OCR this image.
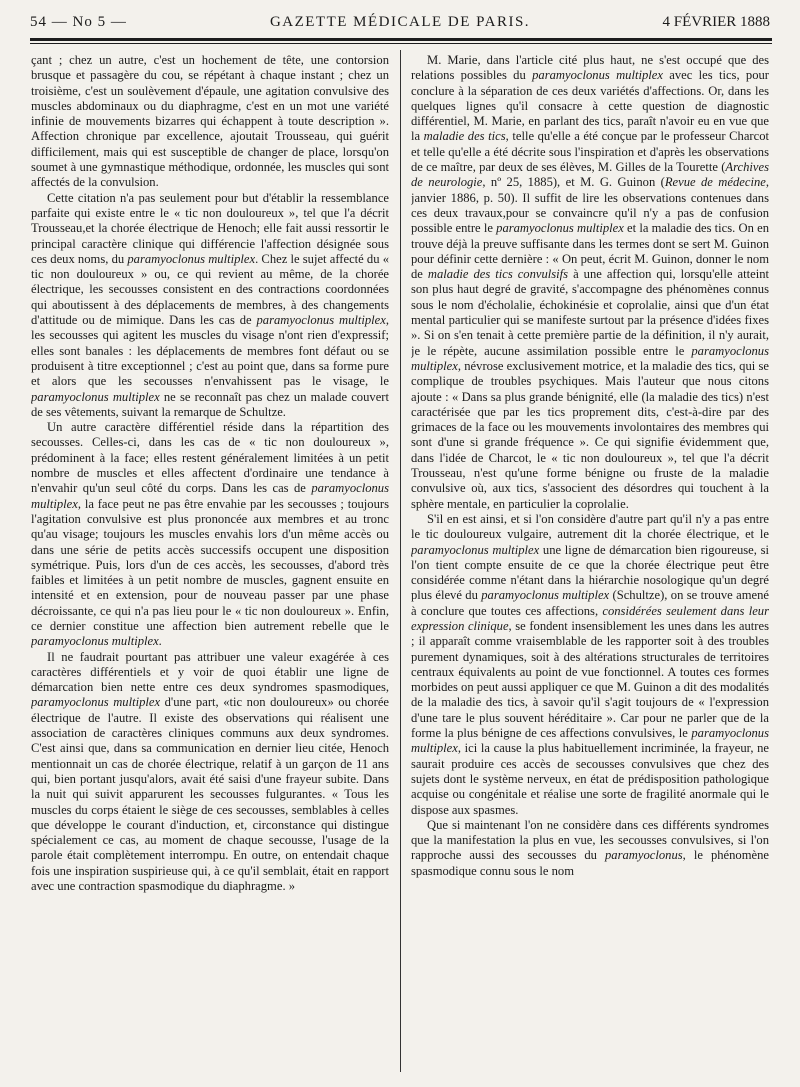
54 — No 5 —	GAZETTE MÉDICALE DE PARIS.	4 FÉVRIER 1888

çant ; chez un autre, c'est un hochement de tête, une contorsion brusque et passagère du cou, se répétant à chaque instant ; chez un troisième, c'est un soulèvement d'épaule, une agitation convulsive des muscles abdominaux ou du diaphragme, c'est en un mot une variété infinie de mouvements bizarres qui échappent à toute description ». Affection chronique par excellence, ajoutait Trousseau, qui guérit difficilement, mais qui est susceptible de changer de place, lorsqu'on soumet à une gymnastique méthodique, ordonnée, les muscles qui sont affectés de la convulsion.

Cette citation n'a pas seulement pour but d'établir la ressemblance parfaite qui existe entre le « tic non douloureux », tel que l'a décrit Trousseau,et la chorée électrique de Henoch; elle fait aussi ressortir le principal caractère clinique qui différencie l'affection désignée sous ces deux noms, du paramyoclonus multiplex. Chez le sujet affecté du « tic non douloureux » ou, ce qui revient au même, de la chorée électrique, les secousses consistent en des contractions coordonnées qui aboutissent à des déplacements de membres, à des changements d'attitude ou de mimique. Dans les cas de paramyoclonus multiplex, les secousses qui agitent les muscles du visage n'ont rien d'expressif; elles sont banales : les déplacements de membres font défaut ou se produisent à titre exceptionnel ; c'est au point que, dans sa forme pure et alors que les secousses n'envahissent pas le visage, le paramyoclonus multiplex ne se reconnaît pas chez un malade couvert de ses vêtements, suivant la remarque de Schultze.

Un autre caractère différentiel réside dans la répartition des secousses. Celles-ci, dans les cas de « tic non douloureux », prédominent à la face; elles restent généralement limitées à un petit nombre de muscles et elles affectent d'ordinaire une tendance à n'envahir qu'un seul côté du corps. Dans les cas de paramyoclonus multiplex, la face peut ne pas être envahie par les secousses ; toujours l'agitation convulsive est plus prononcée aux membres et au tronc qu'au visage; toujours les muscles envahis lors d'un même accès ou dans une série de petits accès successifs occupent une disposition symétrique. Puis, lors d'un de ces accès, les secousses, d'abord très faibles et limitées à un petit nombre de muscles, gagnent ensuite en intensité et en extension, pour de nouveau passer par une phase décroissante, ce qui n'a pas lieu pour le « tic non douloureux ». Enfin, ce dernier constitue une affection bien autrement rebelle que le paramyoclonus multiplex.

Il ne faudrait pourtant pas attribuer une valeur exagérée à ces caractères différentiels et y voir de quoi établir une ligne de démarcation bien nette entre ces deux syndromes spasmodiques, paramyoclonus multiplex d'une part, «tic non douloureux» ou chorée électrique de l'autre. Il existe des observations qui réalisent une association de caractères cliniques communs aux deux syndromes. C'est ainsi que, dans sa communication en dernier lieu citée, Henoch mentionnait un cas de chorée électrique, relatif à un garçon de 11 ans qui, bien portant jusqu'alors, avait été saisi d'une frayeur subite. Dans la nuit qui suivit apparurent les secousses fulgurantes. « Tous les muscles du corps étaient le siège de ces secousses, semblables à celles que développe le courant d'induction, et, circonstance qui distingue spécialement ce cas, au moment de chaque secousse, l'usage de la parole était complètement interrompu. En outre, on entendait chaque fois une inspiration suspirieuse qui, à ce qu'il semblait, était en rapport avec une contraction spasmodique du diaphragme. »

M. Marie, dans l'article cité plus haut, ne s'est occupé que des relations possibles du paramyoclonus multiplex avec les tics, pour conclure à la séparation de ces deux variétés d'affections. Or, dans les quelques lignes qu'il consacre à cette question de diagnostic différentiel, M. Marie, en parlant des tics, paraît n'avoir eu en vue que la maladie des tics, telle qu'elle a été conçue par le professeur Charcot et telle qu'elle a été décrite sous l'inspiration et d'après les observations de ce maître, par deux de ses élèves, M. Gilles de la Tourette (Archives de neurologie, nº 25, 1885), et M. G. Guinon (Revue de médecine, janvier 1886, p. 50). Il suffit de lire les observations contenues dans ces deux travaux,pour se convaincre qu'il n'y a pas de confusion possible entre le paramyoclonus multiplex et la maladie des tics. On en trouve déjà la preuve suffisante dans les termes dont se sert M. Guinon pour définir cette dernière : « On peut, écrit M. Guinon, donner le nom de maladie des tics convulsifs à une affection qui, lorsqu'elle atteint son plus haut degré de gravité, s'accompagne des phénomènes connus sous le nom d'écholalie, échokinésie et coprolalie, ainsi que d'un état mental particulier qui se manifeste surtout par la présence d'idées fixes ». Si on s'en tenait à cette première partie de la définition, il n'y aurait, je le répète, aucune assimilation possible entre le paramyoclonus multiplex, névrose exclusivement motrice, et la maladie des tics, qui se complique de troubles psychiques. Mais l'auteur que nous citons ajoute : « Dans sa plus grande bénignité, elle (la maladie des tics) n'est caractérisée que par les tics proprement dits, c'est-à-dire par des grimaces de la face ou les mouvements involontaires des membres qui sont d'une si grande fréquence ». Ce qui signifie évidemment que, dans l'idée de Charcot, le « tic non douloureux », tel que l'a décrit Trousseau, n'est qu'une forme bénigne ou fruste de la maladie convulsive où, aux tics, s'associent des désordres qui touchent à la sphère mentale, en particulier la coprolalie.

S'il en est ainsi, et si l'on considère d'autre part qu'il n'y a pas entre le tic douloureux vulgaire, autrement dit la chorée électrique, et le paramyoclonus multiplex une ligne de démarcation bien rigoureuse, si l'on tient compte ensuite de ce que la chorée électrique peut être considérée comme n'étant dans la hiérarchie nosologique qu'un degré plus élevé du paramyoclonus multiplex (Schultze), on se trouve amené à conclure que toutes ces affections, considérées seulement dans leur expression clinique, se fondent insensiblement les unes dans les autres ; il apparaît comme vraisemblable de les rapporter soit à des troubles purement dynamiques, soit à des altérations structurales de territoires centraux équivalents au point de vue fonctionnel. A toutes ces formes morbides on peut aussi appliquer ce que M. Guinon a dit des modalités de la maladie des tics, à savoir qu'il s'agit toujours de « l'expression d'une tare le plus souvent héréditaire ». Car pour ne parler que de la forme la plus bénigne de ces affections convulsives, le paramyoclonus multiplex, ici la cause la plus habituellement incriminée, la frayeur, ne saurait produire ces accès de secousses convulsives que chez des sujets dont le système nerveux, en état de prédisposition pathologique acquise ou congénitale et réalise une sorte de fragilité anormale qui le dispose aux spasmes.

Que si maintenant l'on ne considère dans ces différents syndromes que la manifestation la plus en vue, les secousses convulsives, si l'on rapproche aussi des secousses du paramyoclonus, le phénomène spasmodique connu sous le nom
